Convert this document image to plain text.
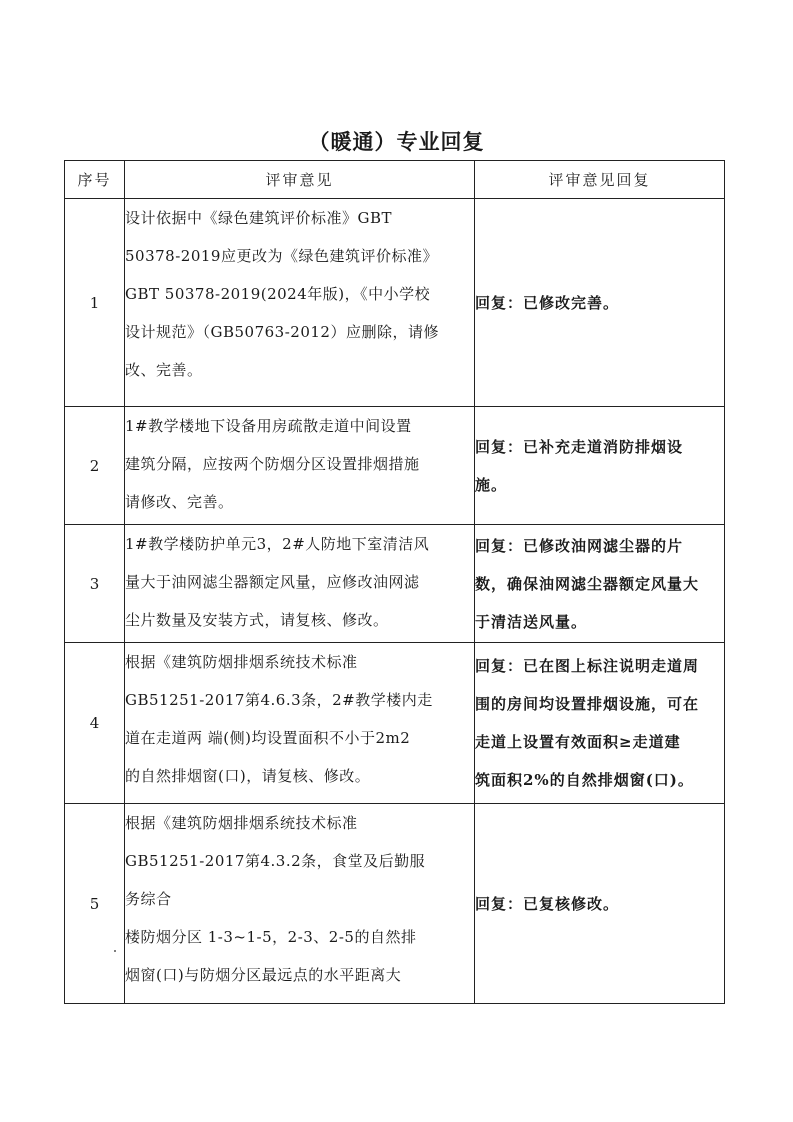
（暖通）专业回复
序号	评审意见	评审意见回复
1	设计依据中《绿色建筑评价标准》GBT
50378-2019应更改为《绿色建筑评价标准》
GBT 50378-2019(2024年版)，《中小学校
设计规范》（GB50763-2012）应删除，请修
改、完善。	回复：已修改完善。

2	1#教学楼地下设备用房疏散走道中间设置
建筑分隔，应按两个防烟分区设置排烟措施
请修改、完善。	回复：已补充走道消防排烟设
施。

3	1#教学楼防护单元3，2#人防地下室清洁风
量大于油网滤尘器额定风量，应修改油网滤
尘片数量及安装方式，请复核、修改。	回复：已修改油网滤尘器的片
数，确保油网滤尘器额定风量大
于清洁送风量。

4	根据《建筑防烟排烟系统技术标准
GB51251-2017第4.6.3条，2#教学楼内走
道在走道两 端(侧)均设置面积不小于2m2
的自然排烟窗(口)，请复核、修改。	回复：已在图上标注说明走道周
围的房间均设置排烟设施，可在
走道上设置有效面积≥走道建
筑面积2%的自然排烟窗(口)。

5	根据《建筑防烟排烟系统技术标准
GB51251-2017第4.3.2条，食堂及后勤服
务综合
楼防烟分区 1-3~1-5，2-3、2-5的自然排
烟窗(口)与防烟分区最远点的水平距离大	回复：已复核修改。
